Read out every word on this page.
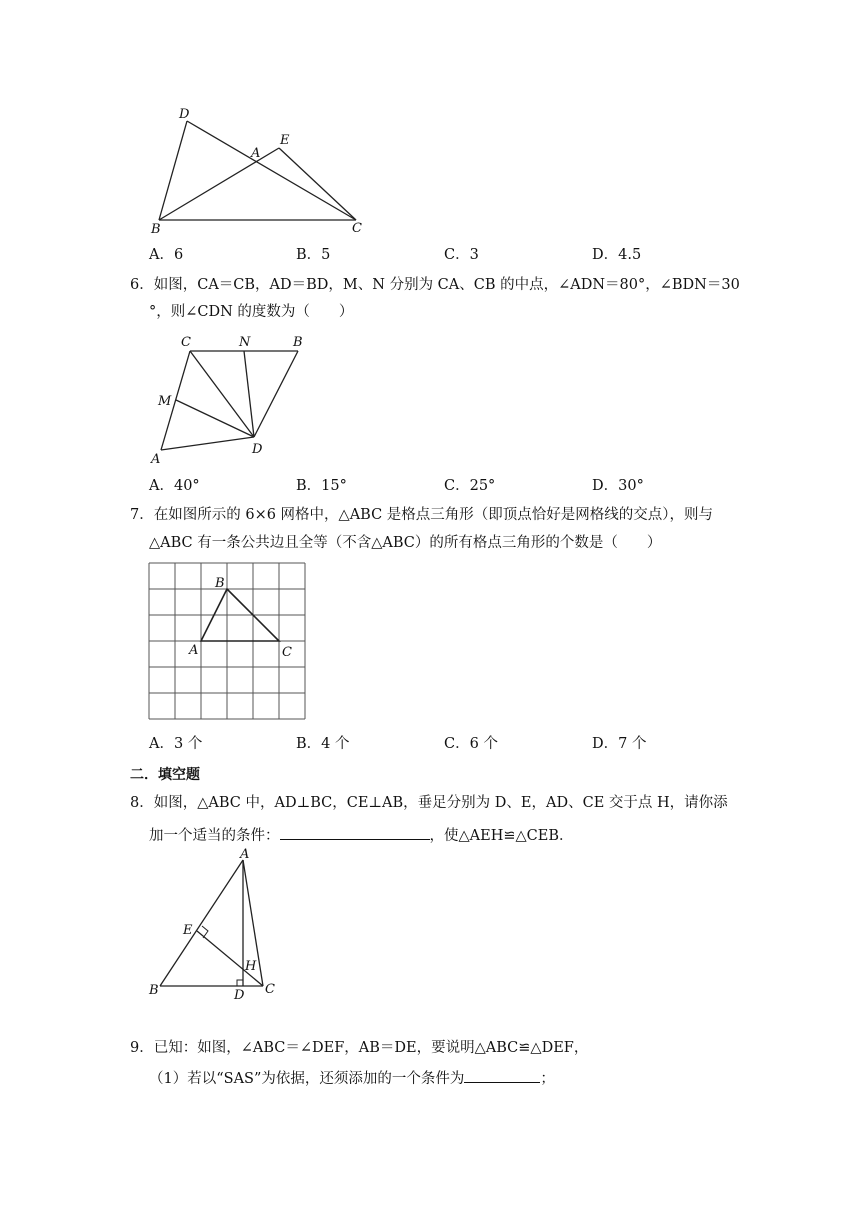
D
A
E
B	C
A．6	B．5	C．3	D．4.5
6．如图，CA＝CB，AD＝BD，M、N 分别为 CA、CB 的中点，∠ADN＝80°，∠BDN＝30
°，则∠CDN 的度数为（　　）
C	N	B
M
A
D
A．40°	B．15°	C．25°	D．30°
7．在如图所示的 6×6 网格中，△ABC 是格点三角形（即顶点恰好是网格线的交点），则与
△ABC 有一条公共边且全等（不含△ABC）的所有格点三角形的个数是（　　）
B
A	C
A．3 个	B．4 个	C．6 个	D．7 个
二．填空题
8．如图，△ABC 中，AD⊥BC，CE⊥AB，垂足分别为 D、E，AD、CE 交于点 H，请你添
加一个适当的条件：	，使△AEH≌△CEB．
A
E
H
B	D C
9．已知：如图，∠ABC＝∠DEF，AB＝DE，要说明△ABC≌△DEF，
（1）若以“SAS”为依据，还须添加的一个条件为	；
